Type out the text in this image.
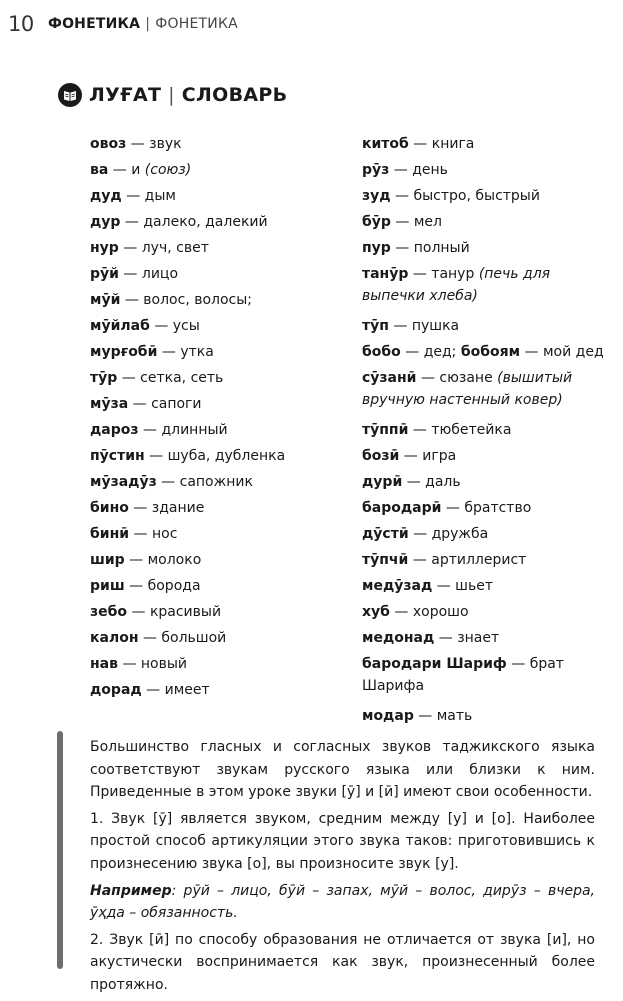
10	ФОНЕТИКА | ФОНЕТИКА
ЛУҒАТ | СЛОВАРЬ
овоз — звук
ва — и (союз)
дуд — дым
дур — далеко, далекий
нур — луч, свет
рӯй — лицо
мӯй — волос, волосы;
мӯйлаб — усы
мурғобӣ — утка
тӯр — сетка, сеть
мӯза — сапоги
дароз — длинный
пӯстин — шуба, дубленка
мӯзадӯз — сапожник
бино — здание
бинӣ — нос
шир — молоко
риш — борода
зебо — красивый
калон — большой
нав — новый
дорад — имеет
китоб — книга
рӯз — день
зуд — быстро, быстрый
бӯр — мел
пур — полный
танӯр — танур (печь для выпечки хлеба)
тӯп — пушка
бобо — дед; бобоям — мой дед
сӯзанӣ — сюзане (вышитый вручную настенный ковер)
тӯппӣ — тюбетейка
бозӣ — игра
дурӣ — даль
бародарӣ — братство
дӯстӣ — дружба
тӯпчӣ — артиллерист
медӯзад — шьет
хуб — хорошо
медонад — знает
бародари Шариф — брат Шарифа
модар — мать

Большинство гласных и согласных звуков таджикского языка соответствуют звукам русского языка или близки к ним. Приведенные в этом уроке звуки [ӯ] и [ӣ] имеют свои особенности.

1. Звук [ӯ] является звуком, средним между [у] и [о]. Наиболее простой способ артикуляции этого звука таков: приготовившись к произнесению звука [о], вы произносите звук [у].

Например: рӯй – лицо, бӯй – запах, мӯй – волос, дирӯз – вчера, ӯҳда – обязанность.

2. Звук [ӣ] по способу образования не отличается от звука [и], но акустически воспринимается как звук, произнесенный более протяжно.
